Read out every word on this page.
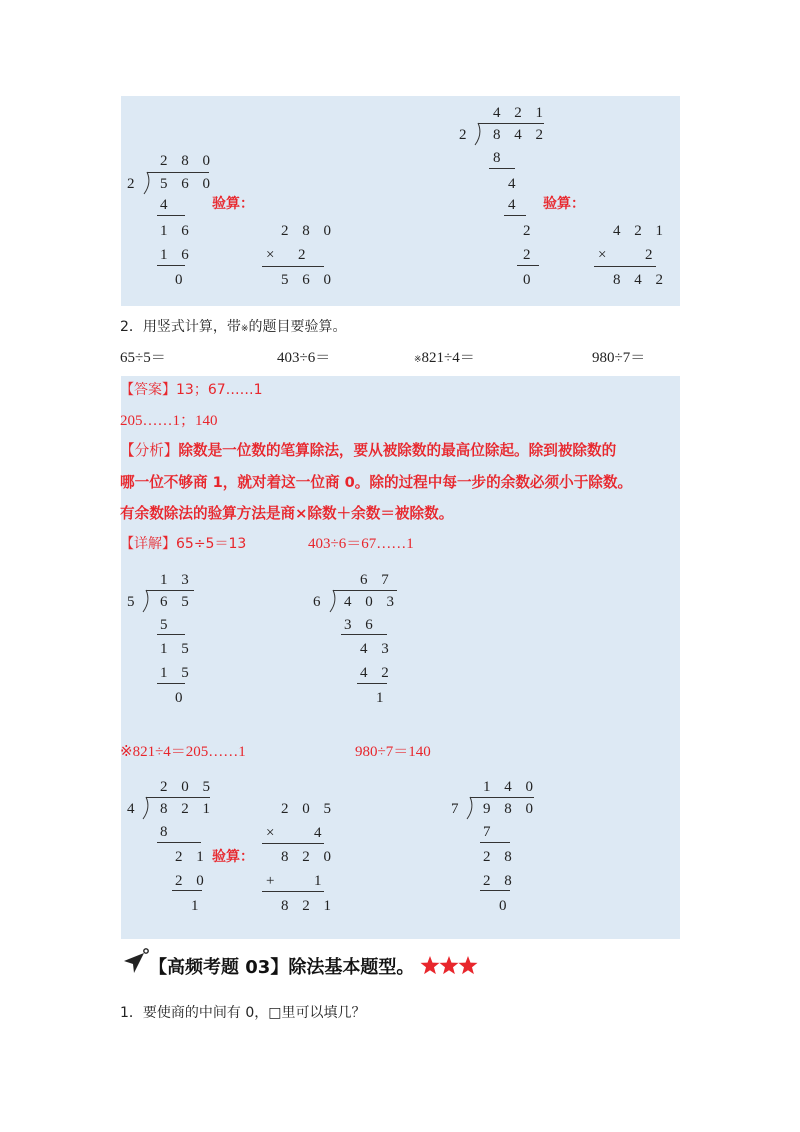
2 8 0
2 5 6 0
4
1 6
1 6
0
验算：
2 8 0
× 2
5 6 0
4 2 1
2 8 4 2
8
4
4
2
2
0
验算：
4 2 1
×	2
8 4 2
2．用竖式计算，带※的题目要验算。
65÷5＝	403÷6＝	※821÷4＝	980÷7＝
【答案】13；67……1
205……1；140
【分析】除数是一位数的笔算除法，要从被除数的最高位除起。除到被除数的
哪一位不够商 1，就对着这一位商 0。除的过程中每一步的余数必须小于除数。
有余数除法的验算方法是商×除数＋余数＝被除数。
【详解】65÷5＝13	403÷6＝67……1
1 3
5 6 5
5
1 5
1 5
0
6 7
6 4 0 3
3 6
4 3
4 2
1
※821÷4＝205……1	980÷7＝140
2 0 5
4 8 2 1
8
2 1
2 0
1
验算：
2 0 5
×	4
8 2 0
+	1
8 2 1
1 4 0
7 9 8 0
7
2 8
2 8
0
【高频考题 03】除法基本题型。
1．要使商的中间有 0，□里可以填几？
